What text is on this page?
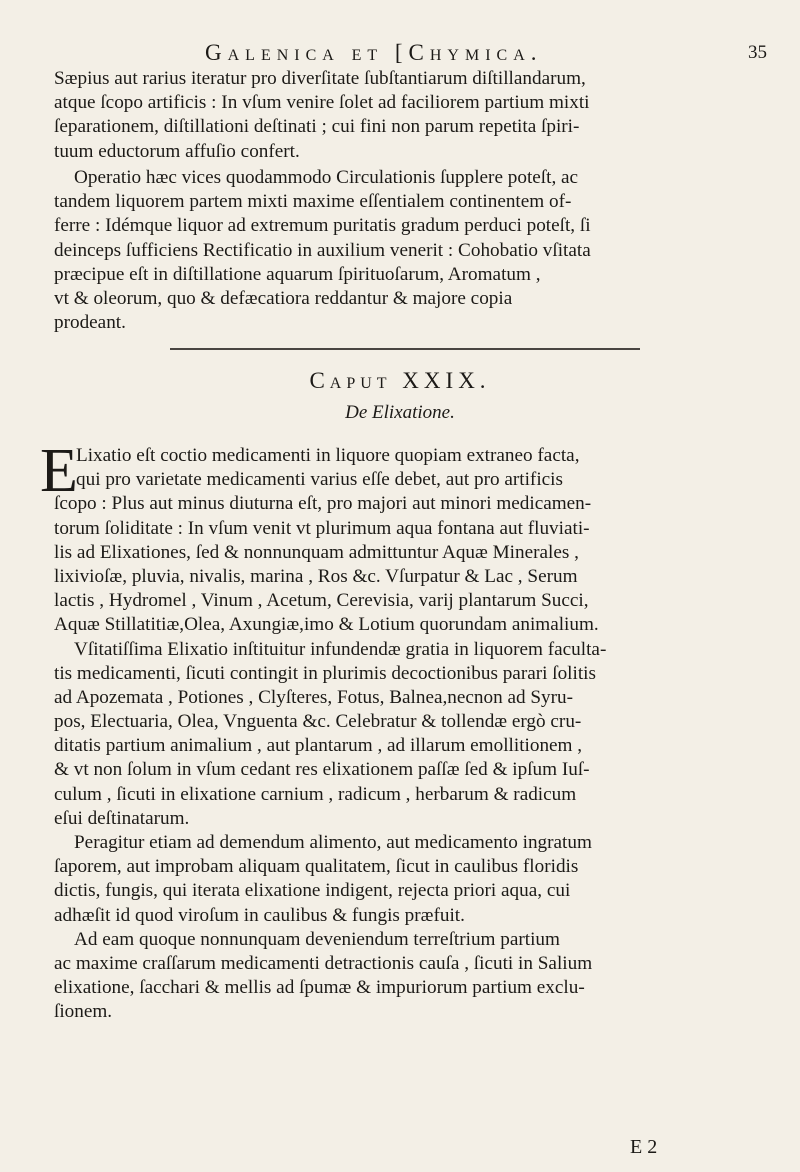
Galenica et [Chymica.	35
Sæpius aut rarius iteratur pro diverſitate ſubſtantiarum diſtillandarum,
atque ſcopo artificis : In vſum venire ſolet ad faciliorem partium mixti
ſeparationem, diſtillationi deſtinati ; cui fini non parum repetita ſpiri-
tuum eductorum affuſio confert.
Operatio hæc vices quodammodo Circulationis ſupplere poteſt, ac
tandem liquorem partem mixti maxime eſſentialem continentem of-
ferre : Idémque liquor ad extremum puritatis gradum perduci poteſt, ſi
deinceps ſufficiens Rectificatio in auxilium venerit : Cohobatio vſitata
præcipue eſt in diſtillatione aquarum ſpirituoſarum, Aromatum ,
vt & oleorum, quo & defæcatiora reddantur & majore copia
prodeant.
Caput XXIX.
De Elixatione.
E
Lixatio eſt coctio medicamenti in liquore quopiam extraneo facta,
qui pro varietate medicamenti varius eſſe debet, aut pro artificis
ſcopo : Plus aut minus diuturna eſt, pro majori aut minori medicamen-
torum ſoliditate : In vſum venit vt plurimum aqua fontana aut fluviati-
lis ad Elixationes, ſed & nonnunquam admittuntur Aquæ Minerales ,
lixivioſæ, pluvia, nivalis, marina , Ros &c. Vſurpatur & Lac , Serum
lactis , Hydromel , Vinum , Acetum, Cerevisia, varij plantarum Succi,
Aquæ Stillatitiæ,Olea, Axungiæ,imo & Lotium quorundam animalium.
Vſitatiſſima Elixatio inſtituitur infundendæ gratia in liquorem faculta-
tis medicamenti, ſicuti contingit in plurimis decoctionibus parari ſolitis
ad Apozemata , Potiones , Clyſteres, Fotus, Balnea,necnon ad Syru-
pos, Electuaria, Olea, Vnguenta &c. Celebratur & tollendæ ergò cru-
ditatis partium animalium , aut plantarum , ad illarum emollitionem ,
& vt non ſolum in vſum cedant res elixationem paſſæ ſed & ipſum Iuſ-
culum , ſicuti in elixatione carnium , radicum , herbarum & radicum
eſui deſtinatarum.
Peragitur etiam ad demendum alimento, aut medicamento ingratum
ſaporem, aut improbam aliquam qualitatem, ſicut in caulibus floridis
dictis, fungis, qui iterata elixatione indigent, rejecta priori aqua, cui
adhæſit id quod viroſum in caulibus & fungis præfuit.
Ad eam quoque nonnunquam deveniendum terreſtrium partium
ac maxime craſſarum medicamenti detractionis cauſa , ſicuti in Salium
elixatione, ſacchari & mellis ad ſpumæ & impuriorum partium exclu-
ſionem.
E 2
